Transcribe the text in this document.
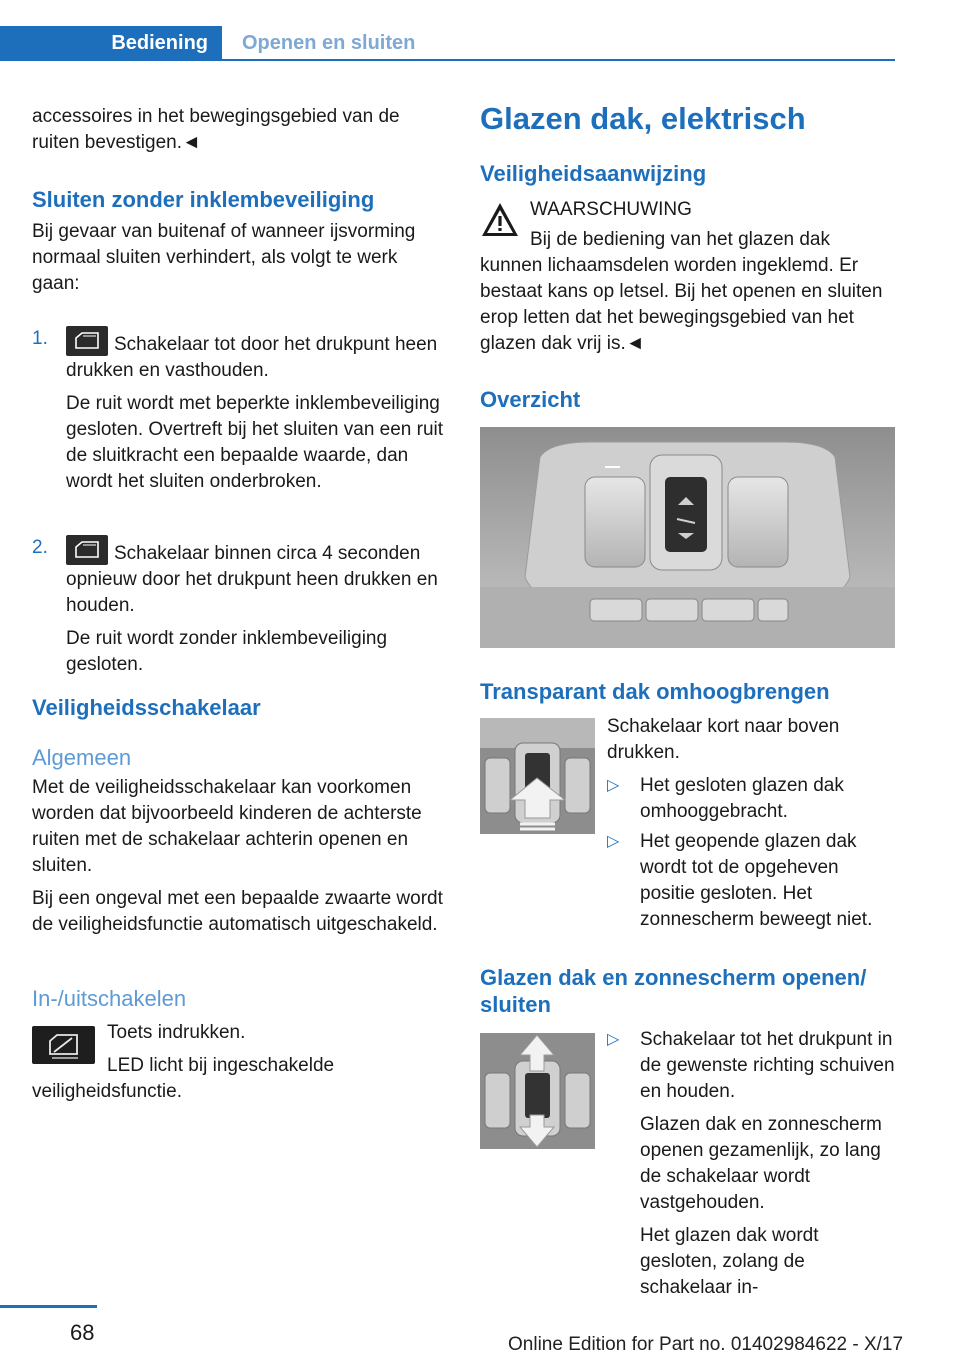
Bediening	Openen en sluiten

accessoires in het bewegingsgebied van de ruiten bevestigen.◄

Sluiten zonder inklembeveiliging

Bij gevaar van buitenaf of wanneer ijsvorming normaal sluiten verhindert, als volgt te werk gaan:

1.	Schakelaar tot door het drukpunt heen drukken en vasthouden.

De ruit wordt met beperkte inklembeveiliging gesloten. Overtreft bij het sluiten van een ruit de sluitkracht een bepaalde waarde, dan wordt het sluiten onderbroken.

2.	Schakelaar binnen circa 4 seconden opnieuw door het drukpunt heen drukken en houden.

De ruit wordt zonder inklembeveiliging gesloten.

Veiligheidsschakelaar
Algemeen

Met de veiligheidsschakelaar kan voorkomen worden dat bijvoorbeeld kinderen de achterste ruiten met de schakelaar achterin openen en sluiten.

Bij een ongeval met een bepaalde zwaarte wordt de veiligheidsfunctie automatisch uitgeschakeld.

In-/uitschakelen

Toets indrukken.

LED licht bij ingeschakelde veiligheidsfunctie.

Glazen dak, elektrisch
Veiligheidsaanwijzing

WAARSCHUWING

Bij de bediening van het glazen dak kunnen lichaamsdelen worden ingeklemd. Er bestaat kans op letsel. Bij het openen en sluiten erop letten dat het bewegingsgebied van het glazen dak vrij is.◄

Overzicht
Transparant dak omhoogbrengen

Schakelaar kort naar boven drukken.

▷ Het gesloten glazen dak omhooggebracht.

▷ Het geopende glazen dak wordt tot de opgeheven positie gesloten. Het zonnescherm beweegt niet.

Glazen dak en zonnescherm openen/ sluiten
▷ Schakelaar tot het drukpunt in de gewenste richting schuiven en houden.

Glazen dak en zonnescherm openen gezamenlijk, zo lang de schakelaar wordt vastgehouden.

Het glazen dak wordt gesloten, zolang de schakelaar in-

68	Online Edition for Part no. 01402984622 - X/17
